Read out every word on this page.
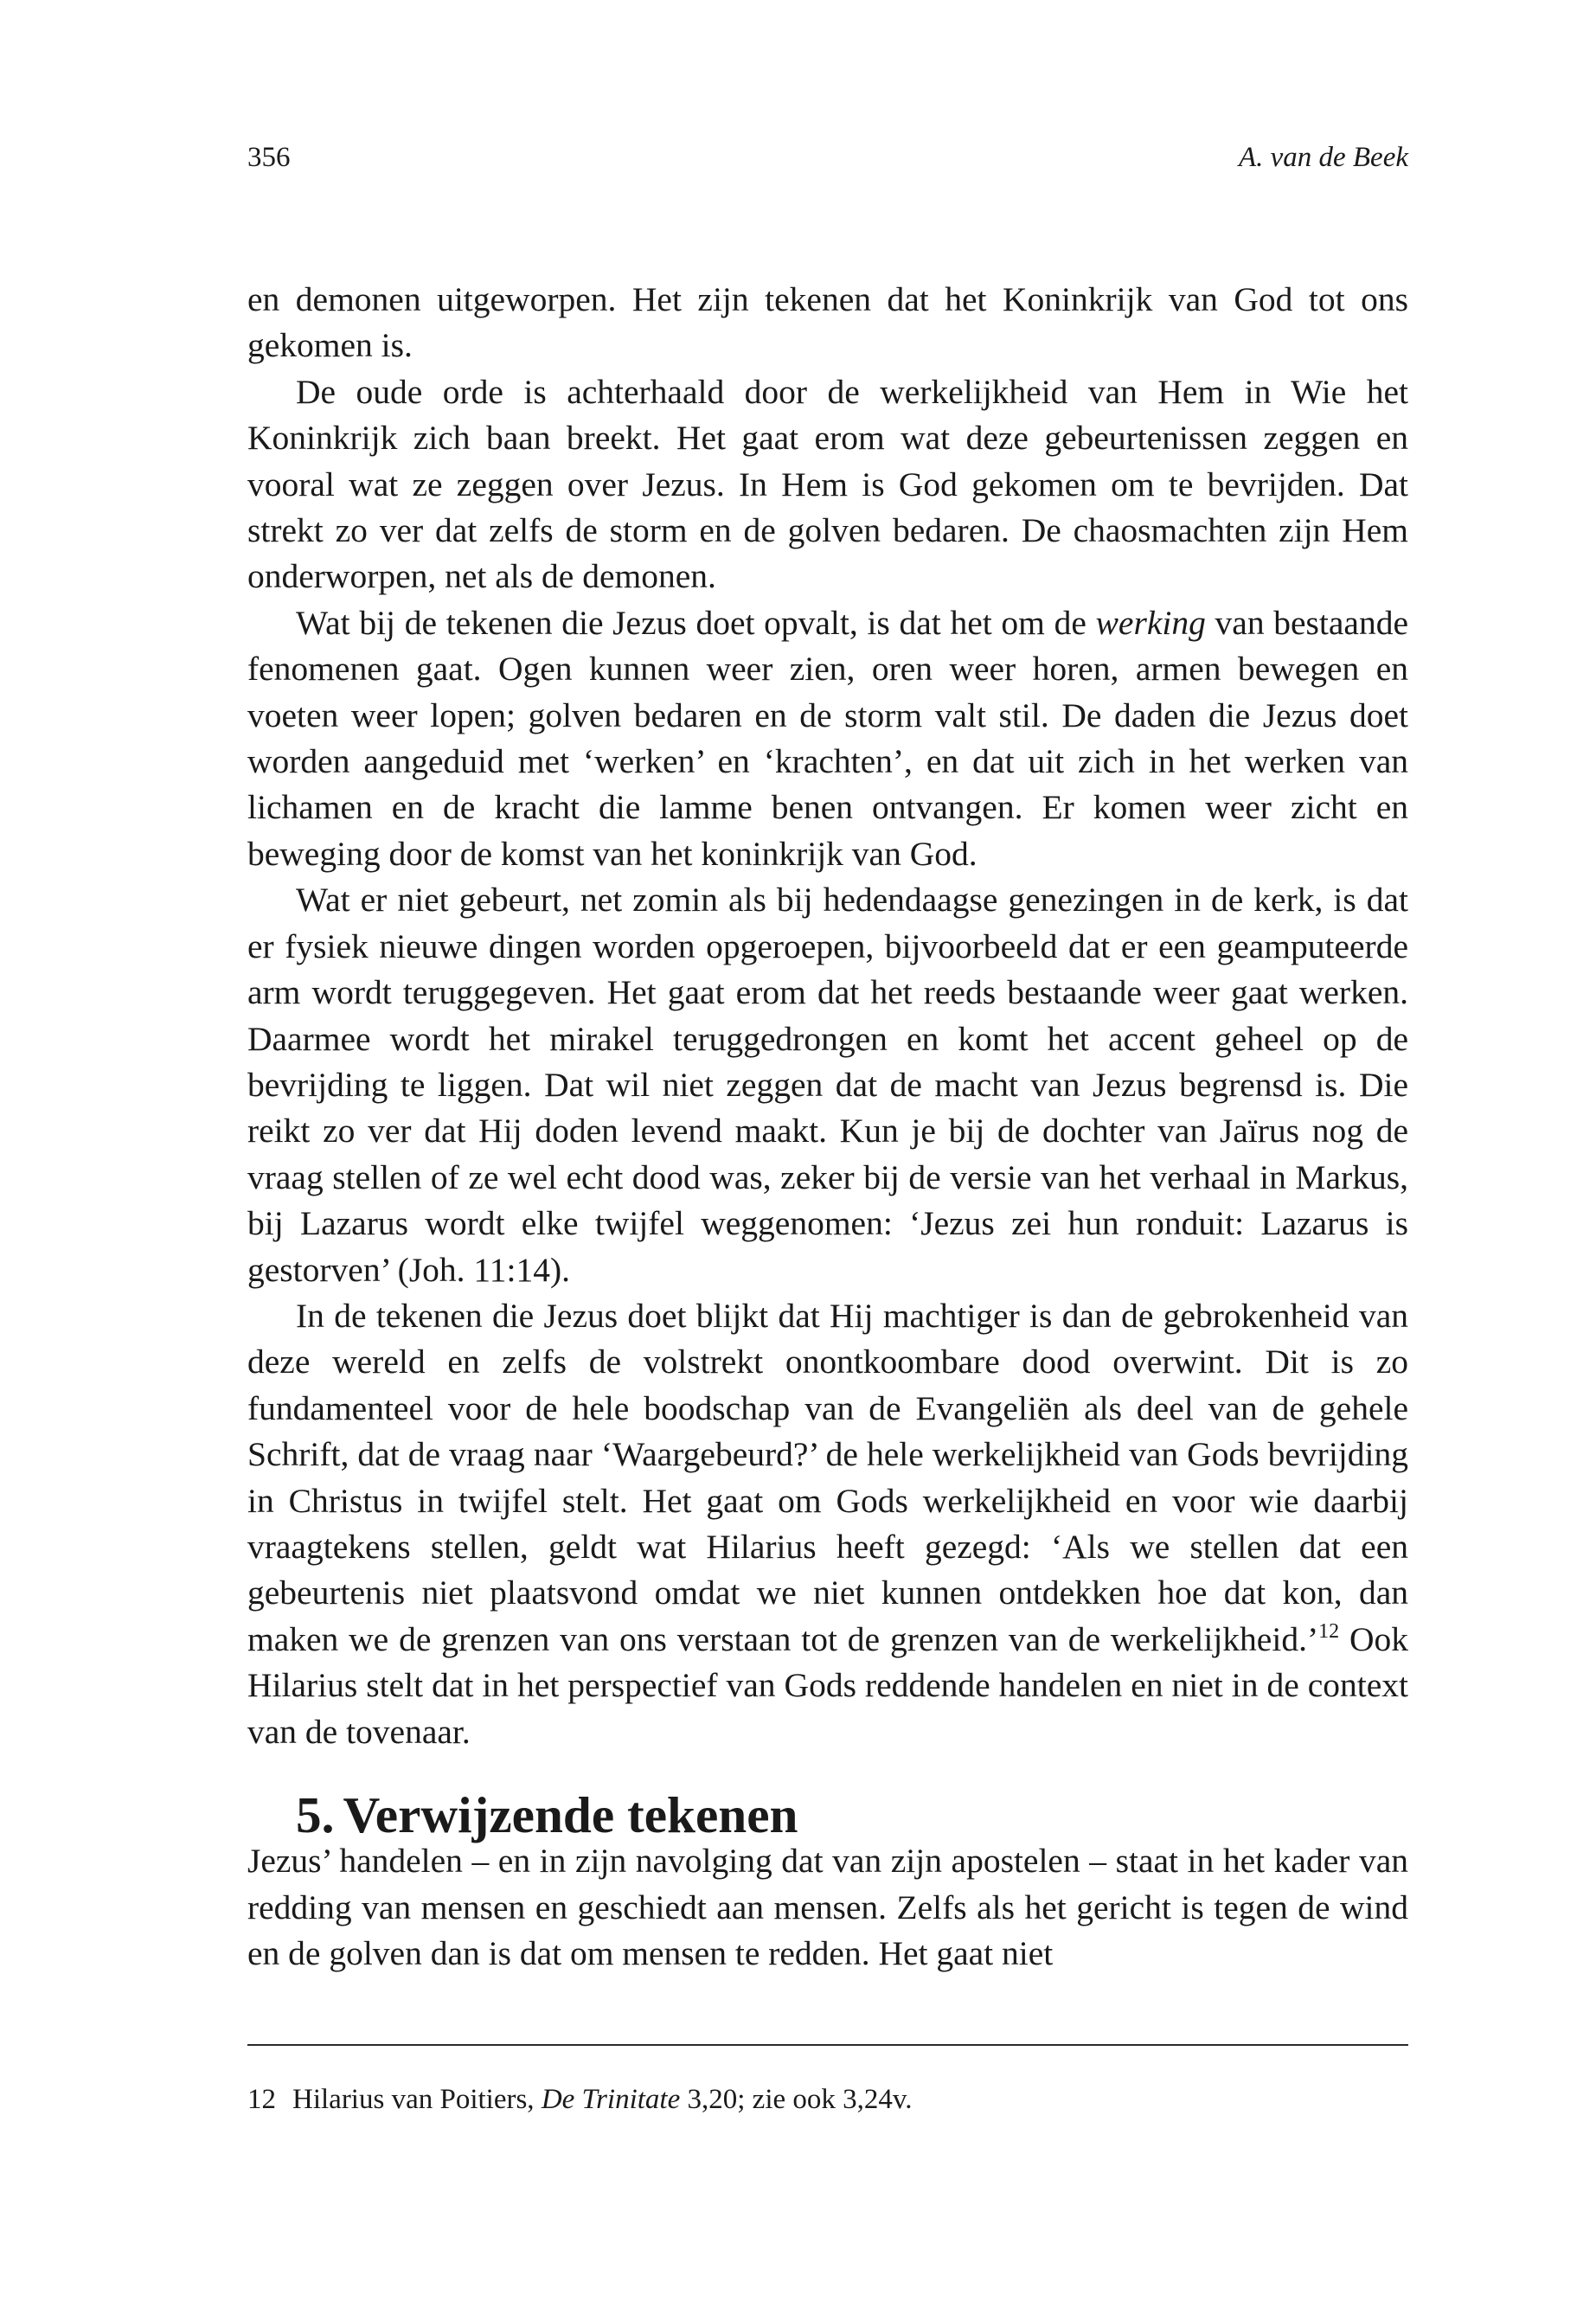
356	A. van de Beek

en demonen uitgeworpen. Het zijn tekenen dat het Koninkrijk van God tot ons gekomen is.

De oude orde is achterhaald door de werkelijkheid van Hem in Wie het Koninkrijk zich baan breekt. Het gaat erom wat deze gebeurtenissen zeggen en vooral wat ze zeggen over Jezus. In Hem is God gekomen om te bevrijden. Dat strekt zo ver dat zelfs de storm en de golven bedaren. De chaosmachten zijn Hem onderworpen, net als de demonen.

Wat bij de tekenen die Jezus doet opvalt, is dat het om de werking van bestaande fenomenen gaat. Ogen kunnen weer zien, oren weer horen, armen bewegen en voeten weer lopen; golven bedaren en de storm valt stil. De daden die Jezus doet worden aangeduid met ‘werken’ en ‘krachten’, en dat uit zich in het werken van lichamen en de kracht die lamme benen ontvangen. Er komen weer zicht en beweging door de komst van het koninkrijk van God.

Wat er niet gebeurt, net zomin als bij hedendaagse genezingen in de kerk, is dat er fysiek nieuwe dingen worden opgeroepen, bijvoorbeeld dat er een geamputeerde arm wordt teruggegeven. Het gaat erom dat het reeds bestaande weer gaat werken. Daarmee wordt het mirakel teruggedrongen en komt het accent geheel op de bevrijding te liggen. Dat wil niet zeggen dat de macht van Jezus begrensd is. Die reikt zo ver dat Hij doden levend maakt. Kun je bij de dochter van Jaïrus nog de vraag stellen of ze wel echt dood was, zeker bij de versie van het verhaal in Markus, bij Lazarus wordt elke twijfel weggenomen: ‘Jezus zei hun ronduit: Lazarus is gestorven’ (Joh. 11:14).

In de tekenen die Jezus doet blijkt dat Hij machtiger is dan de gebrokenheid van deze wereld en zelfs de volstrekt onontkoombare dood overwint. Dit is zo fundamenteel voor de hele boodschap van de Evangeliën als deel van de gehele Schrift, dat de vraag naar ‘Waargebeurd?’ de hele werkelijkheid van Gods bevrijding in Christus in twijfel stelt. Het gaat om Gods werkelijkheid en voor wie daarbij vraagtekens stellen, geldt wat Hilarius heeft gezegd: ‘Als we stellen dat een gebeurtenis niet plaatsvond omdat we niet kunnen ontdekken hoe dat kon, dan maken we de grenzen van ons verstaan tot de grenzen van de werkelijkheid.’$^{12}$ Ook Hilarius stelt dat in het perspectief van Gods reddende handelen en niet in de context van de tovenaar.

5. Verwijzende tekenen

Jezus’ handelen – en in zijn navolging dat van zijn apostelen – staat in het kader van redding van mensen en geschiedt aan mensen. Zelfs als het gericht is tegen de wind en de golven dan is dat om mensen te redden. Het gaat niet

12 Hilarius van Poitiers, De Trinitate 3,20; zie ook 3,24v.
